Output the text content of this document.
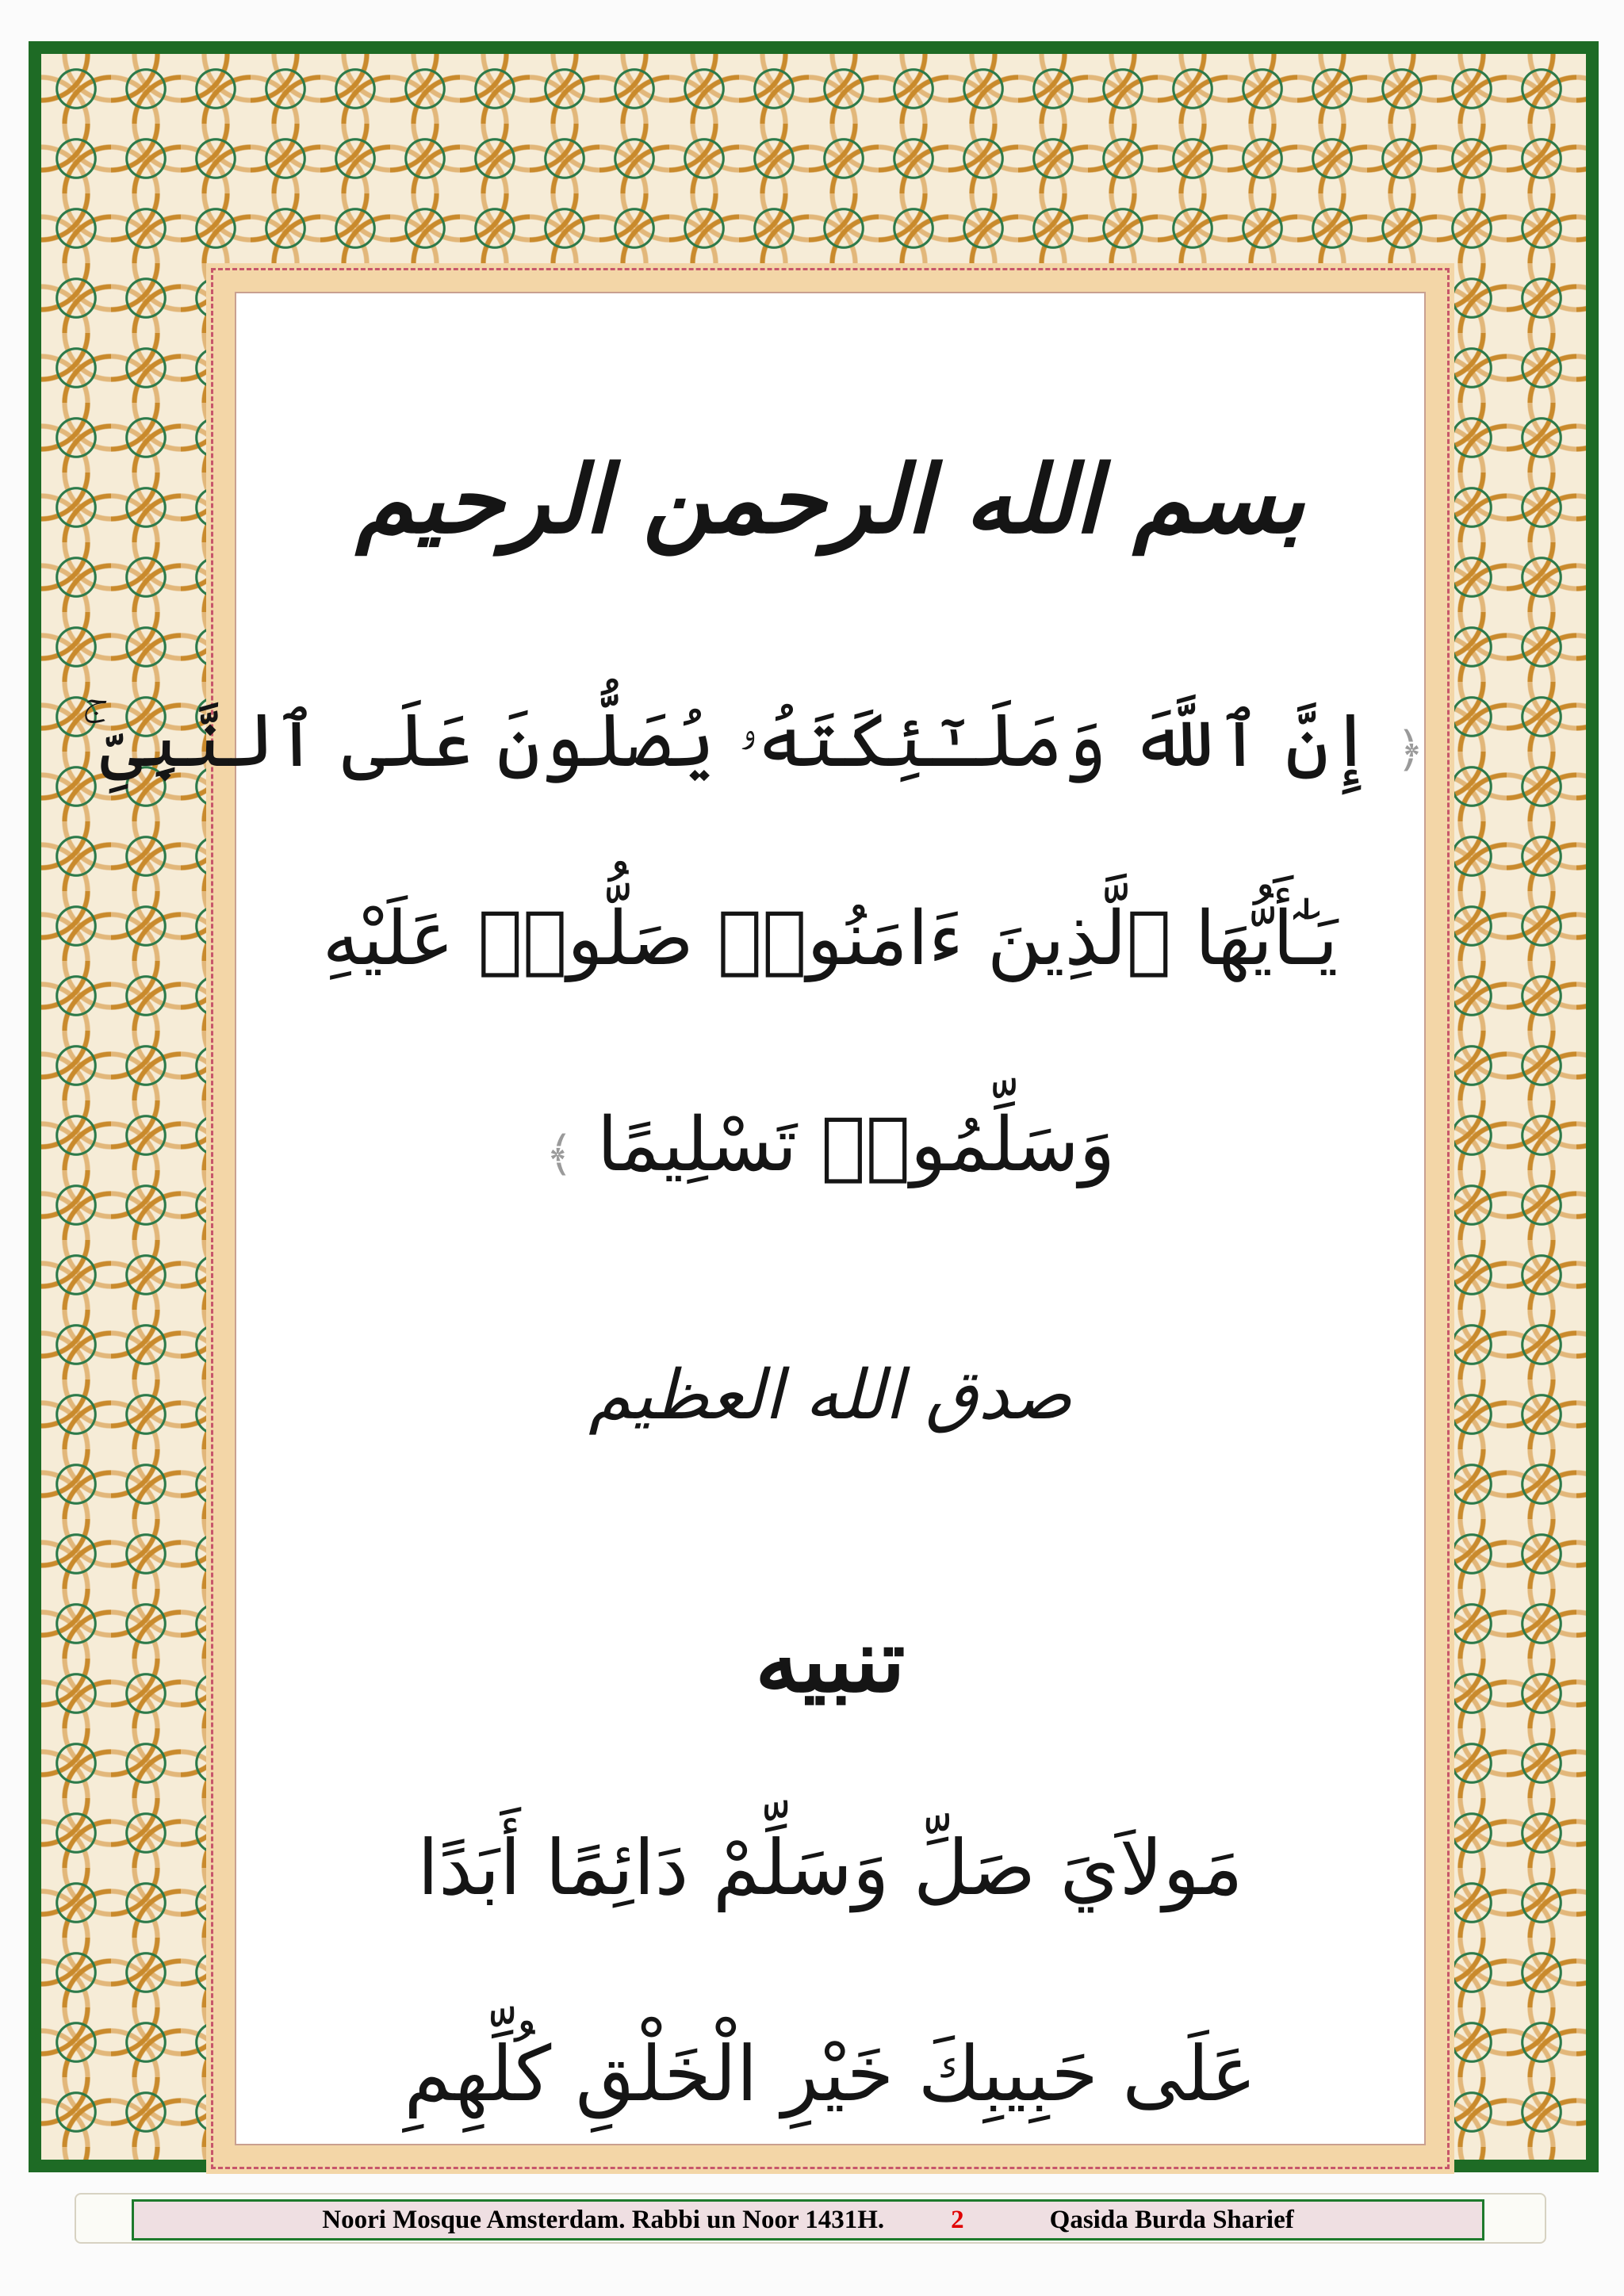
بسم الله الرحمن الرحيم
﴿ إِنَّ ٱللَّهَ وَمَلَـٰٓئِكَتَهُۥ يُصَلُّونَ عَلَى ٱلنَّبِىِّ ۚ
يَـٰٓأَيُّهَا ٱلَّذِينَ ءَامَنُوا۟ صَلُّوا۟ عَلَيْهِ
وَسَلِّمُوا۟ تَسْلِيمًا ﴾
صدق الله العظيم
تنبيه
مَولاَيَ صَلِّ وَسَلِّمْ دَائِمًا أَبَدًا
عَلَى حَبِيبِكَ خَيْرِ الْخَلْقِ كُلِّهِمِ
Noori Mosque Amsterdam. Rabbi un Noor 1431H.	2	Qasida Burda Sharief
